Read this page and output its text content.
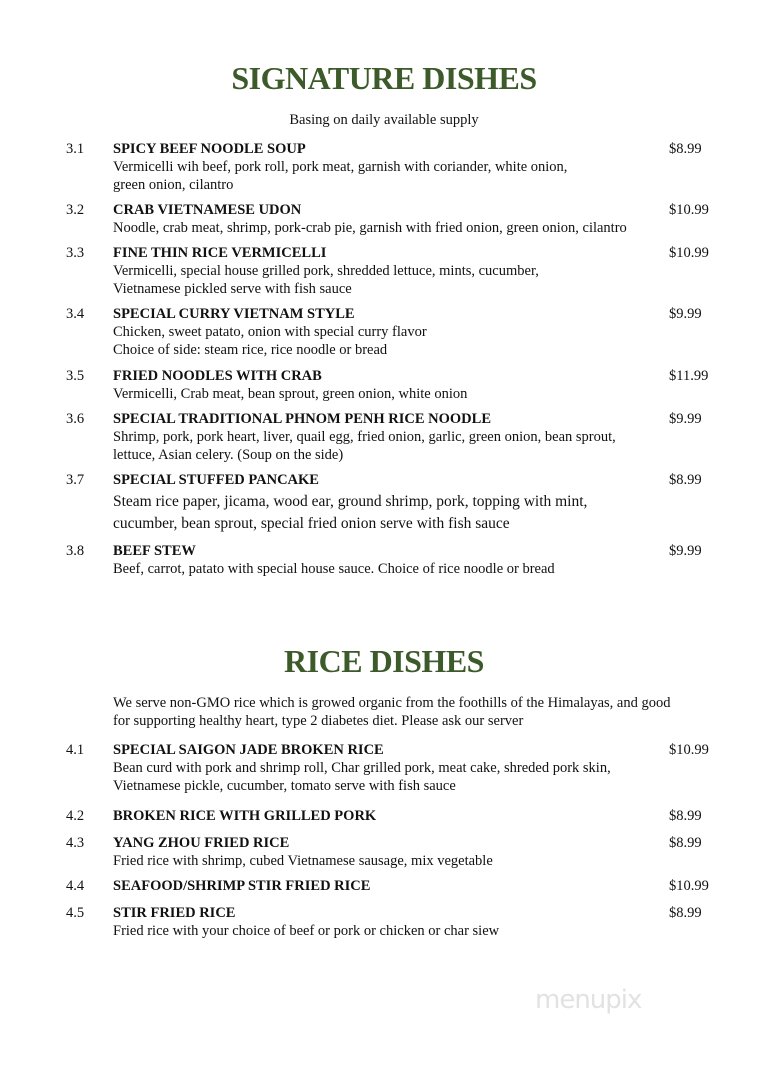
SIGNATURE DISHES
Basing on daily available supply
3.1 SPICY BEEF NOODLE SOUP	$8.99
Vermicelli wih beef, pork roll, pork meat, garnish with coriander, white onion,
green onion, cilantro
3.2 CRAB VIETNAMESE UDON	$10.99
Noodle, crab meat, shrimp, pork-crab pie, garnish with fried onion, green onion, cilantro
3.3 FINE THIN RICE VERMICELLI	$10.99
Vermicelli, special house grilled pork, shredded lettuce, mints, cucumber,
Vietnamese pickled serve with fish sauce
3.4 SPECIAL CURRY VIETNAM STYLE	$9.99
Chicken, sweet patato, onion with special curry flavor
Choice of side: steam rice, rice noodle or bread
3.5 FRIED NOODLES WITH CRAB	$11.99
Vermicelli, Crab meat, bean sprout, green onion, white onion
3.6 SPECIAL TRADITIONAL PHNOM PENH RICE NOODLE	$9.99
Shrimp, pork, pork heart, liver, quail egg, fried onion, garlic, green onion, bean sprout,
lettuce, Asian celery. (Soup on the side)
3.7 SPECIAL STUFFED PANCAKE	$8.99
Steam rice paper, jicama, wood ear, ground shrimp, pork, topping with mint,
cucumber, bean sprout, special fried onion serve with fish sauce
3.8 BEEF STEW	$9.99
Beef, carrot, patato with special house sauce. Choice of rice noodle or bread
RICE DISHES
We serve non-GMO rice which is growed organic from the foothills of the Himalayas, and good
for supporting healthy heart, type 2 diabetes diet. Please ask our server
4.1 SPECIAL SAIGON JADE BROKEN RICE	$10.99
Bean curd with pork and shrimp roll, Char grilled pork, meat cake, shreded pork skin,
Vietnamese pickle, cucumber, tomato serve with fish sauce
4.2 BROKEN RICE WITH GRILLED PORK	$8.99
4.3 YANG ZHOU FRIED RICE	$8.99
Fried rice with shrimp, cubed Vietnamese sausage, mix vegetable
4.4 SEAFOOD/SHRIMP STIR FRIED RICE	$10.99
4.5 STIR FRIED RICE	$8.99
Fried rice with your choice of beef or pork or chicken or char siew
menupix
